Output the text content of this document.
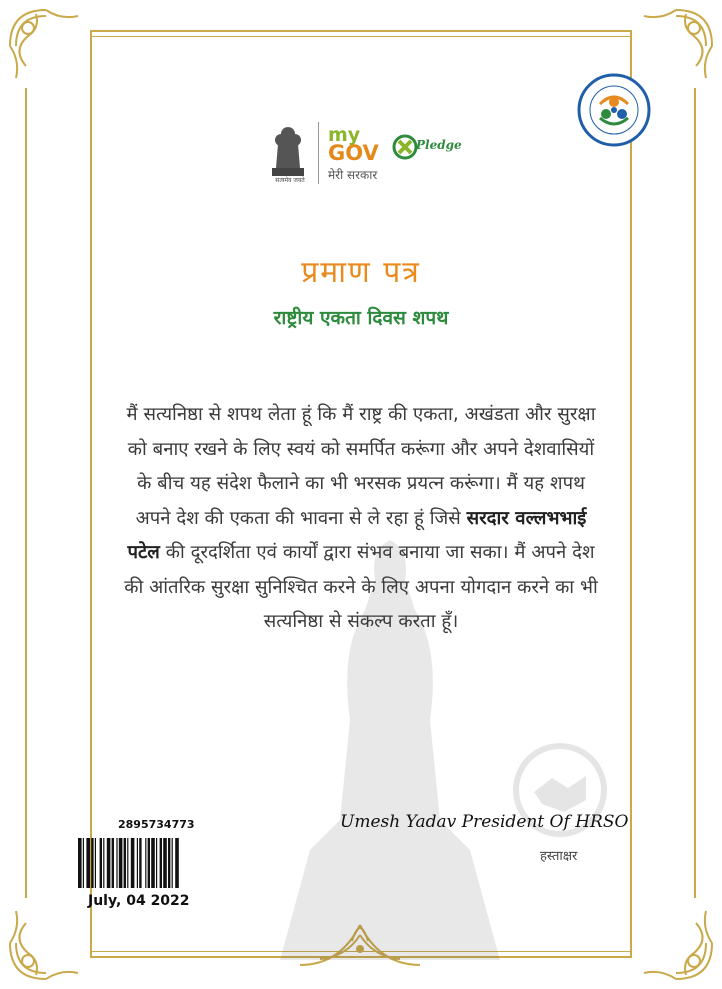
सत्यमेव जयते
my
GOV
मेरी सरकार
Pledge
प्रमाण पत्र
राष्ट्रीय एकता दिवस शपथ
मैं सत्यनिष्ठा से शपथ लेता हूं कि मैं राष्ट्र की एकता, अखंडता और सुरक्षा को बनाए रखने के लिए स्वयं को समर्पित करूंगा और अपने देशवासियों के बीच यह संदेश फैलाने का भी भरसक प्रयत्न करूंगा। मैं यह शपथ अपने देश की एकता की भावना से ले रहा हूं जिसे सरदार वल्लभभाई पटेल की दूरदर्शिता एवं कार्यों द्वारा संभव बनाया जा सका। मैं अपने देश की आंतरिक सुरक्षा सुनिश्चित करने के लिए अपना योगदान करने का भी सत्यनिष्ठा से संकल्प करता हूँ।
2895734773
July, 04 2022
Umesh Yadav President Of HRSO
हस्ताक्षर
